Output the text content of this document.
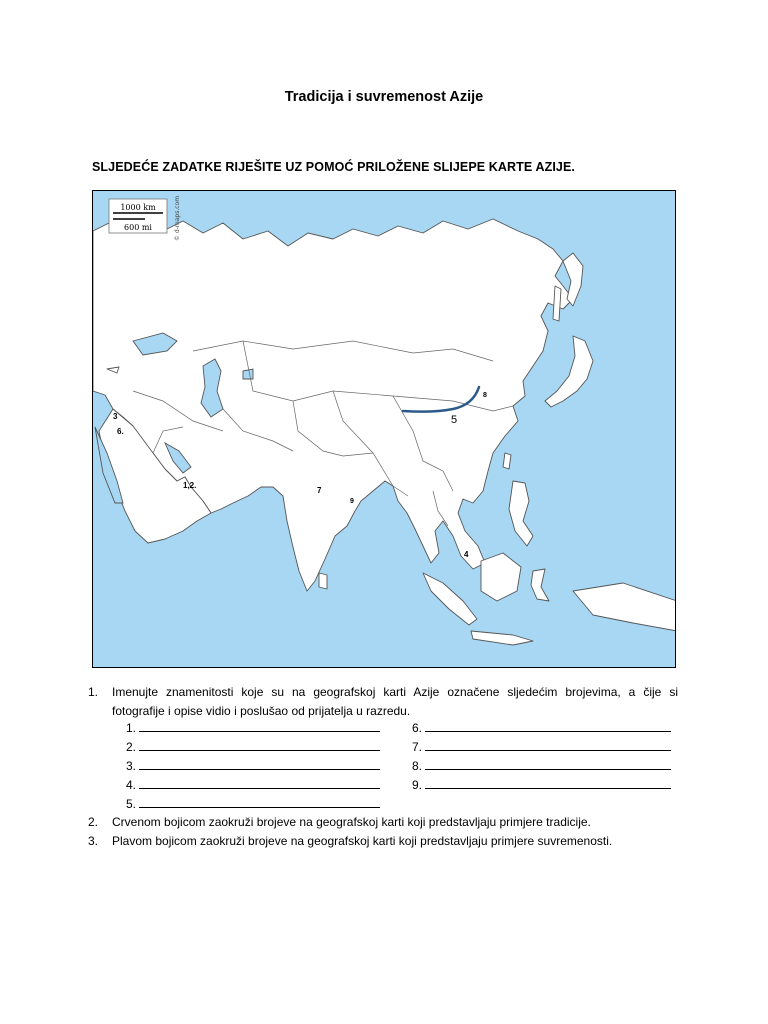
Tradicija i suvremenost Azije
SLJEDEĆE ZADATKE RIJEŠITE UZ POMOĆ PRILOŽENE SLIJEPE KARTE AZIJE.
1000 km
600 mi	© d-maps.com
3
6.
1,2.
7
9
5
8
4
1. Imenujte znamenitosti koje su na geografskoj karti Azije označene sljedećim brojevima, a čije si
fotografije i opise vidio i poslušao od prijatelja u razredu.
1.
2.
3.
4.
5.
6.
7.
8.
9.
2. Crvenom bojicom zaokruži brojeve na geografskoj karti koji predstavljaju primjere tradicije.
3. Plavom bojicom zaokruži brojeve na geografskoj karti koji predstavljaju primjere suvremenosti.
